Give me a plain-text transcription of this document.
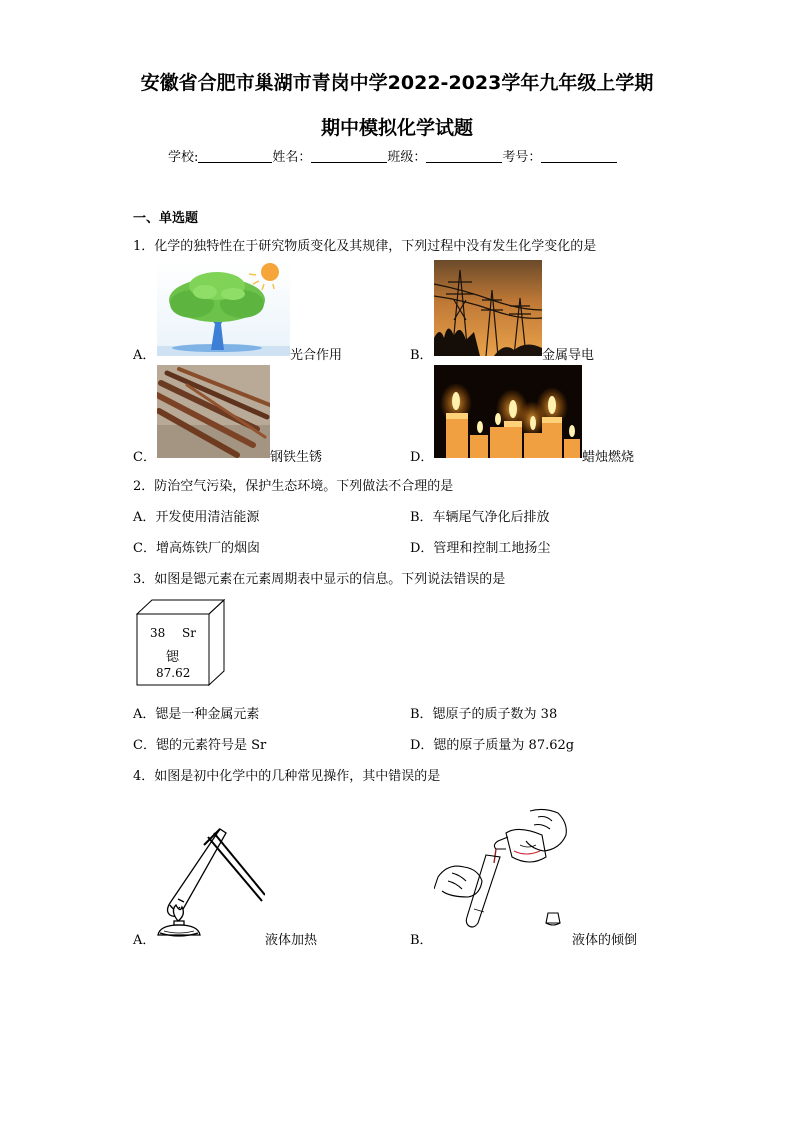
安徽省合肥市巢湖市青岗中学2022-2023学年九年级上学期
期中模拟化学试题
学校:	姓名：	班级：	考号：
一、单选题
1．化学的独特性在于研究物质变化及其规律，下列过程中没有发生化学变化的是
A．	光合作用	B．	金属导电
C．	钢铁生锈	D．	蜡烛燃烧
2．防治空气污染，保护生态环境。下列做法不合理的是
A．开发使用清洁能源	B．车辆尾气净化后排放
C．增高炼铁厂的烟囱	D．管理和控制工地扬尘
3．如图是锶元素在元素周期表中显示的信息。下列说法错误的是
38 Sr
锶
87.62
A．锶是一种金属元素	B．锶原子的质子数为 38
C．锶的元素符号是 Sr	D．锶的原子质量为 87.62g
4．如图是初中化学中的几种常见操作，其中错误的是
A．	液体加热	B．	液体的倾倒
